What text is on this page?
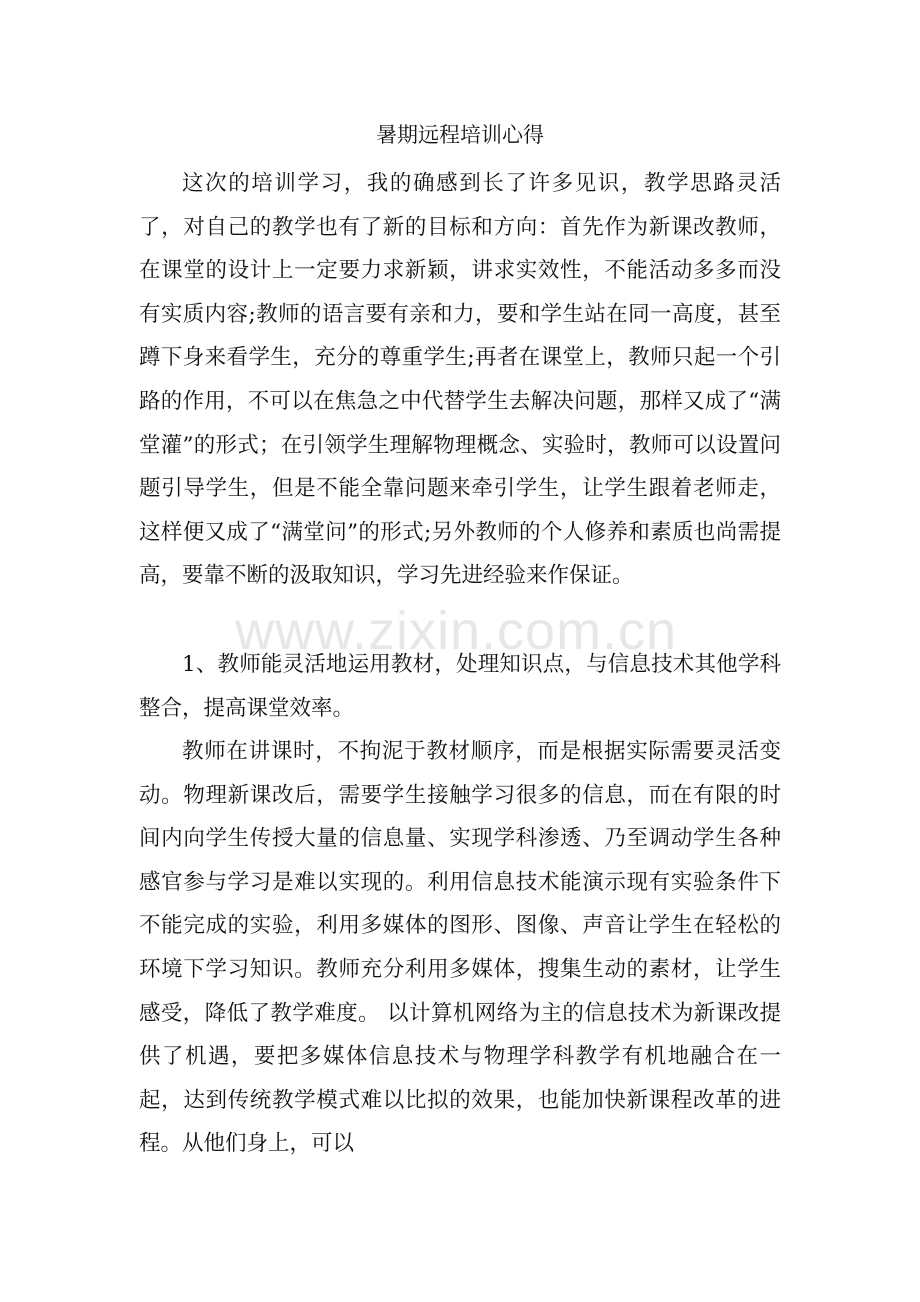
暑期远程培训心得

这次的培训学习，我的确感到长了许多见识，教学思路灵活了，对自己的教学也有了新的目标和方向：首先作为新课改教师，在课堂的设计上一定要力求新颖，讲求实效性，不能活动多多而没有实质内容;教师的语言要有亲和力，要和学生站在同一高度，甚至蹲下身来看学生，充分的尊重学生;再者在课堂上，教师只起一个引路的作用，不可以在焦急之中代替学生去解决问题，那样又成了“满堂灌”的形式；在引领学生理解物理概念、实验时，教师可以设置问题引导学生，但是不能全靠问题来牵引学生，让学生跟着老师走，这样便又成了“满堂问”的形式;另外教师的个人修养和素质也尚需提高，要靠不断的汲取知识，学习先进经验来作保证。

1、教师能灵活地运用教材，处理知识点，与信息技术其他学科整合，提高课堂效率。

教师在讲课时，不拘泥于教材顺序，而是根据实际需要灵活变动。物理新课改后，需要学生接触学习很多的信息，而在有限的时间内向学生传授大量的信息量、实现学科渗透、乃至调动学生各种感官参与学习是难以实现的。利用信息技术能演示现有实验条件下不能完成的实验，利用多媒体的图形、图像、声音让学生在轻松的环境下学习知识。教师充分利用多媒体，搜集生动的素材，让学生感受，降低了教学难度。 以计算机网络为主的信息技术为新课改提供了机遇，要把多媒体信息技术与物理学科教学有机地融合在一起，达到传统教学模式难以比拟的效果，也能加快新课程改革的进程。从他们身上，可以

www.zixin.com.cn
